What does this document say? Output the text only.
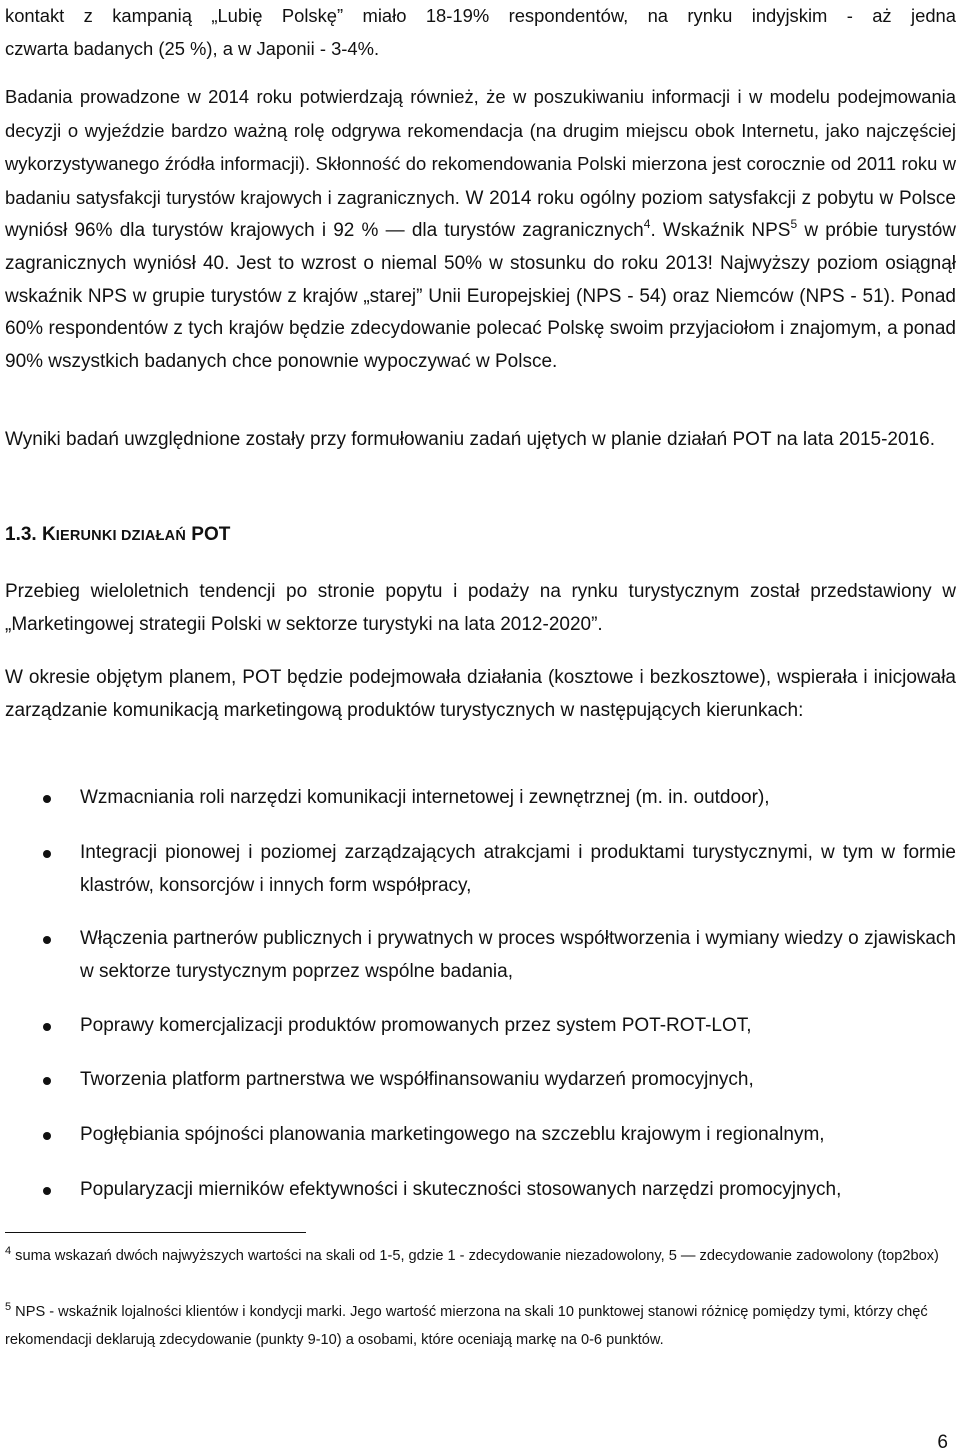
kontakt z kampanią „Lubię Polskę” miało 18-19% respondentów, na rynku indyjskim - aż jedna

czwarta badanych (25 %), a w Japonii - 3-4%.

Badania prowadzone w 2014 roku potwierdzają również, że w poszukiwaniu informacji i w modelu podejmowania decyzji o wyjeździe bardzo ważną rolę odgrywa rekomendacja (na drugim miejscu obok Internetu, jako najczęściej wykorzystywanego źródła informacji). Skłonność do rekomendowania Polski mierzona jest corocznie od 2011 roku w badaniu satysfakcji turystów krajowych i zagranicznych. W 2014 roku ogólny poziom satysfakcji z pobytu w Polsce wyniósł 96% dla turystów krajowych i 92 % — dla turystów zagranicznych$^4$. Wskaźnik NPS$^5$ w próbie turystów zagranicznych wyniósł 40. Jest to wzrost o niemal 50% w stosunku do roku 2013! Najwyższy poziom osiągnął wskaźnik NPS w grupie turystów z krajów „starej” Unii Europejskiej (NPS - 54) oraz Niemców (NPS - 51). Ponad 60% respondentów z tych krajów będzie zdecydowanie polecać Polskę swoim przyjaciołom i znajomym, a ponad 90% wszystkich badanych chce ponownie wypoczywać w Polsce.

Wyniki badań uwzględnione zostały przy formułowaniu zadań ujętych w planie działań POT na lata 2015-2016.

1.3. KIERUNKI DZIAŁAŃ POT

Przebieg wieloletnich tendencji po stronie popytu i podaży na rynku turystycznym został przedstawiony w „Marketingowej strategii Polski w sektorze turystyki na lata 2012-2020”.

W okresie objętym planem, POT będzie podejmowała działania (kosztowe i bezkosztowe), wspierała i inicjowała zarządzanie komunikacją marketingową produktów turystycznych w następujących kierunkach:

Wzmacniania roli narzędzi komunikacji internetowej i zewnętrznej (m. in. outdoor),
Integracji pionowej i poziomej zarządzających atrakcjami i produktami turystycznymi, w tym w formie klastrów, konsorcjów i innych form współpracy,
Włączenia partnerów publicznych i prywatnych w proces współtworzenia i wymiany wiedzy o zjawiskach w sektorze turystycznym poprzez wspólne badania,
Poprawy komercjalizacji produktów promowanych przez system POT-ROT-LOT,
Tworzenia platform partnerstwa we współfinansowaniu wydarzeń promocyjnych,
Pogłębiania spójności planowania marketingowego na szczeblu krajowym i regionalnym,
Popularyzacji mierników efektywności i skuteczności stosowanych narzędzi promocyjnych,
$^4$ suma wskazań dwóch najwyższych wartości na skali od 1-5, gdzie 1 - zdecydowanie niezadowolony, 5 — zdecydowanie zadowolony (top2box)
$^5$ NPS - wskaźnik lojalności klientów i kondycji marki. Jego wartość mierzona na skali 10 punktowej stanowi różnicę pomiędzy tymi, którzy chęć rekomendacji deklarują zdecydowanie (punkty 9-10) a osobami, które oceniają markę na 0-6 punktów.
6
